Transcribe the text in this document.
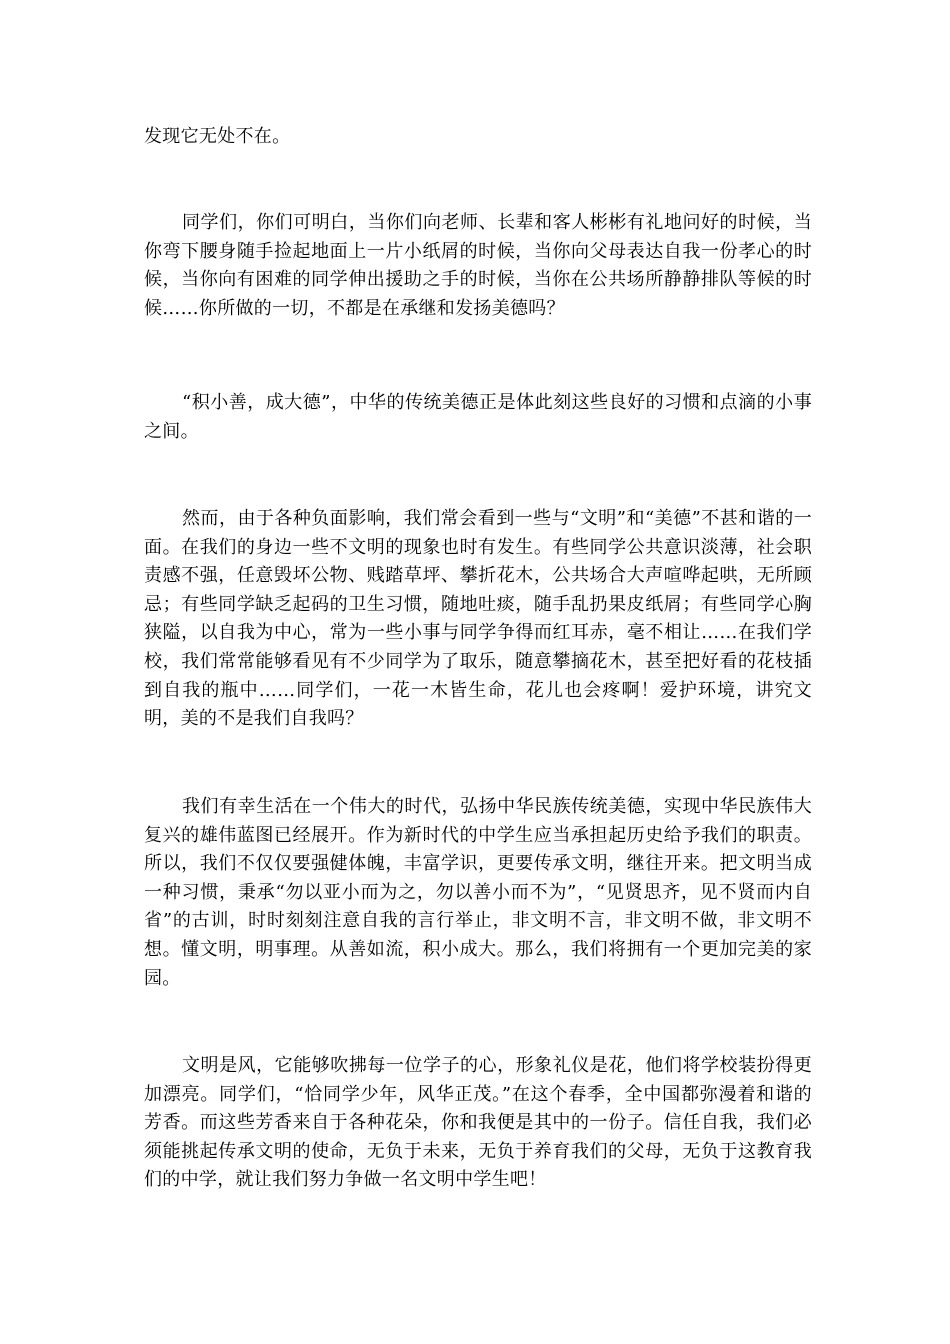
发现它无处不在。

同学们，你们可明白，当你们向老师、长辈和客人彬彬有礼地问好的时候，当你弯下腰身随手捡起地面上一片小纸屑的时候，当你向父母表达自我一份孝心的时候，当你向有困难的同学伸出援助之手的时候，当你在公共场所静静排队等候的时候……你所做的一切，不都是在承继和发扬美德吗？

“积小善，成大德”，中华的传统美德正是体此刻这些良好的习惯和点滴的小事之间。

然而，由于各种负面影响，我们常会看到一些与“文明”和“美德”不甚和谐的一面。在我们的身边一些不文明的现象也时有发生。有些同学公共意识淡薄，社会职责感不强，任意毁坏公物、贱踏草坪、攀折花木，公共场合大声喧哗起哄，无所顾忌；有些同学缺乏起码的卫生习惯，随地吐痰，随手乱扔果皮纸屑；有些同学心胸狭隘，以自我为中心，常为一些小事与同学争得而红耳赤，毫不相让……在我们学校，我们常常能够看见有不少同学为了取乐，随意攀摘花木，甚至把好看的花枝插到自我的瓶中……同学们，一花一木皆生命，花儿也会疼啊！爱护环境，讲究文明，美的不是我们自我吗？

我们有幸生活在一个伟大的时代，弘扬中华民族传统美德，实现中华民族伟大复兴的雄伟蓝图已经展开。作为新时代的中学生应当承担起历史给予我们的职责。所以，我们不仅仅要强健体魄，丰富学识，更要传承文明，继往开来。把文明当成一种习惯，秉承“勿以亚小而为之，勿以善小而不为”，“见贤思齐，见不贤而内自省”的古训，时时刻刻注意自我的言行举止，非文明不言，非文明不做，非文明不想。懂文明，明事理。从善如流，积小成大。那么，我们将拥有一个更加完美的家园。

文明是风，它能够吹拂每一位学子的心，形象礼仪是花，他们将学校装扮得更加漂亮。同学们，“恰同学少年，风华正茂。”在这个春季，全中国都弥漫着和谐的芳香。而这些芳香来自于各种花朵，你和我便是其中的一份子。信任自我，我们必须能挑起传承文明的使命，无负于未来，无负于养育我们的父母，无负于这教育我们的中学，就让我们努力争做一名文明中学生吧！
